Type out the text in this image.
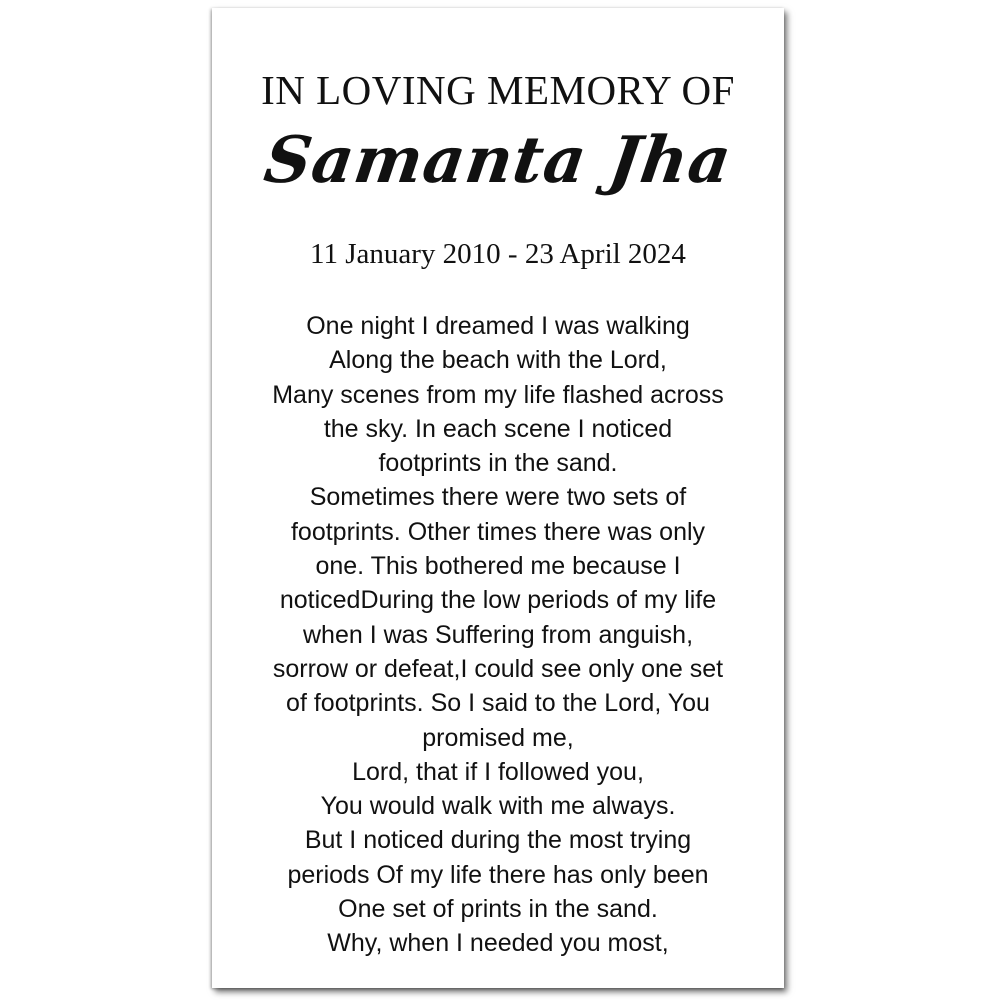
IN LOVING MEMORY OF
Samanta Jha
11 January 2010 - 23 April 2024
One night I dreamed I was walking
Along the beach with the Lord,
Many scenes from my life flashed across
the sky. In each scene I noticed
footprints in the sand.
Sometimes there were two sets of
footprints. Other times there was only
one. This bothered me because I
noticedDuring the low periods of my life
when I was Suffering from anguish,
sorrow or defeat,I could see only one set
of footprints. So I said to the Lord, You
promised me,
Lord, that if I followed you,
You would walk with me always.
But I noticed during the most trying
periods Of my life there has only been
One set of prints in the sand.
Why, when I needed you most,
